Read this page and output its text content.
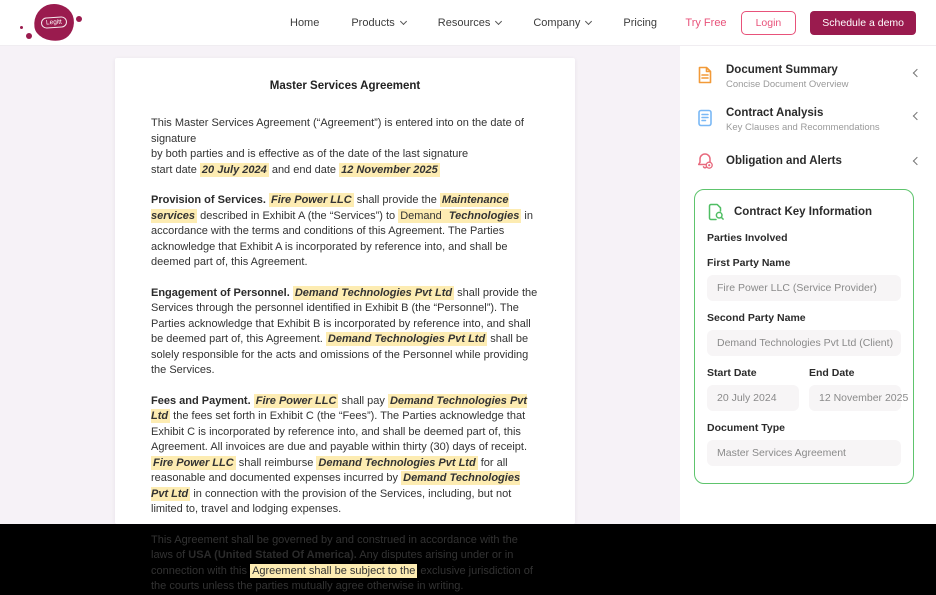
Legitt	Home	Products	Resources	Company	Pricing	Try Free	Login	Schedule a demo
Master Services Agreement

This Master Services Agreement (“Agreement”) is entered into on the date of signature
by both parties and is effective as of the date of the last signature
start date 20 July 2024 and end date 12 November 2025

Provision of Services. Fire Power LLC shall provide the Maintenance services described in Exhibit A (the “Services”) to Demand Technologies in accordance with the terms and conditions of this Agreement. The Parties acknowledge that Exhibit A is incorporated by reference into, and shall be deemed part of, this Agreement.

Engagement of Personnel. Demand Technologies Pvt Ltd shall provide the Services through the personnel identified in Exhibit B (the “Personnel”). The Parties acknowledge that Exhibit B is incorporated by reference into, and shall be deemed part of, this Agreement. Demand Technologies Pvt Ltd shall be solely responsible for the acts and omissions of the Personnel while providing the Services.

Fees and Payment. Fire Power LLC shall pay Demand Technologies Pvt Ltd the fees set forth in Exhibit C (the “Fees”). The Parties acknowledge that Exhibit C is incorporated by reference into, and shall be deemed part of, this Agreement. All invoices are due and payable within thirty (30) days of receipt. Fire Power LLC shall reimburse Demand Technologies Pvt Ltd for all reasonable and documented expenses incurred by Demand Technologies Pvt Ltd in connection with the provision of the Services, including, but not limited to, travel and lodging expenses.

This Agreement shall be governed by and construed in accordance with the laws of USA (United Stated Of America). Any disputes arising under or in connection with this Agreement shall be subject to the exclusive jurisdiction of the courts unless the parties mutually agree otherwise in writing.

Document Summary
Concise Document Overview
Contract Analysis
Key Clauses and Recommendations
Obligation and Alerts
Contract Key Information
Parties Involved
First Party Name
Fire Power LLC (Service Provider)
Second Party Name
Demand Technologies Pvt Ltd (Client)
Start Date
20 July 2024
End Date
12 November 2025
Document Type
Master Services Agreement
